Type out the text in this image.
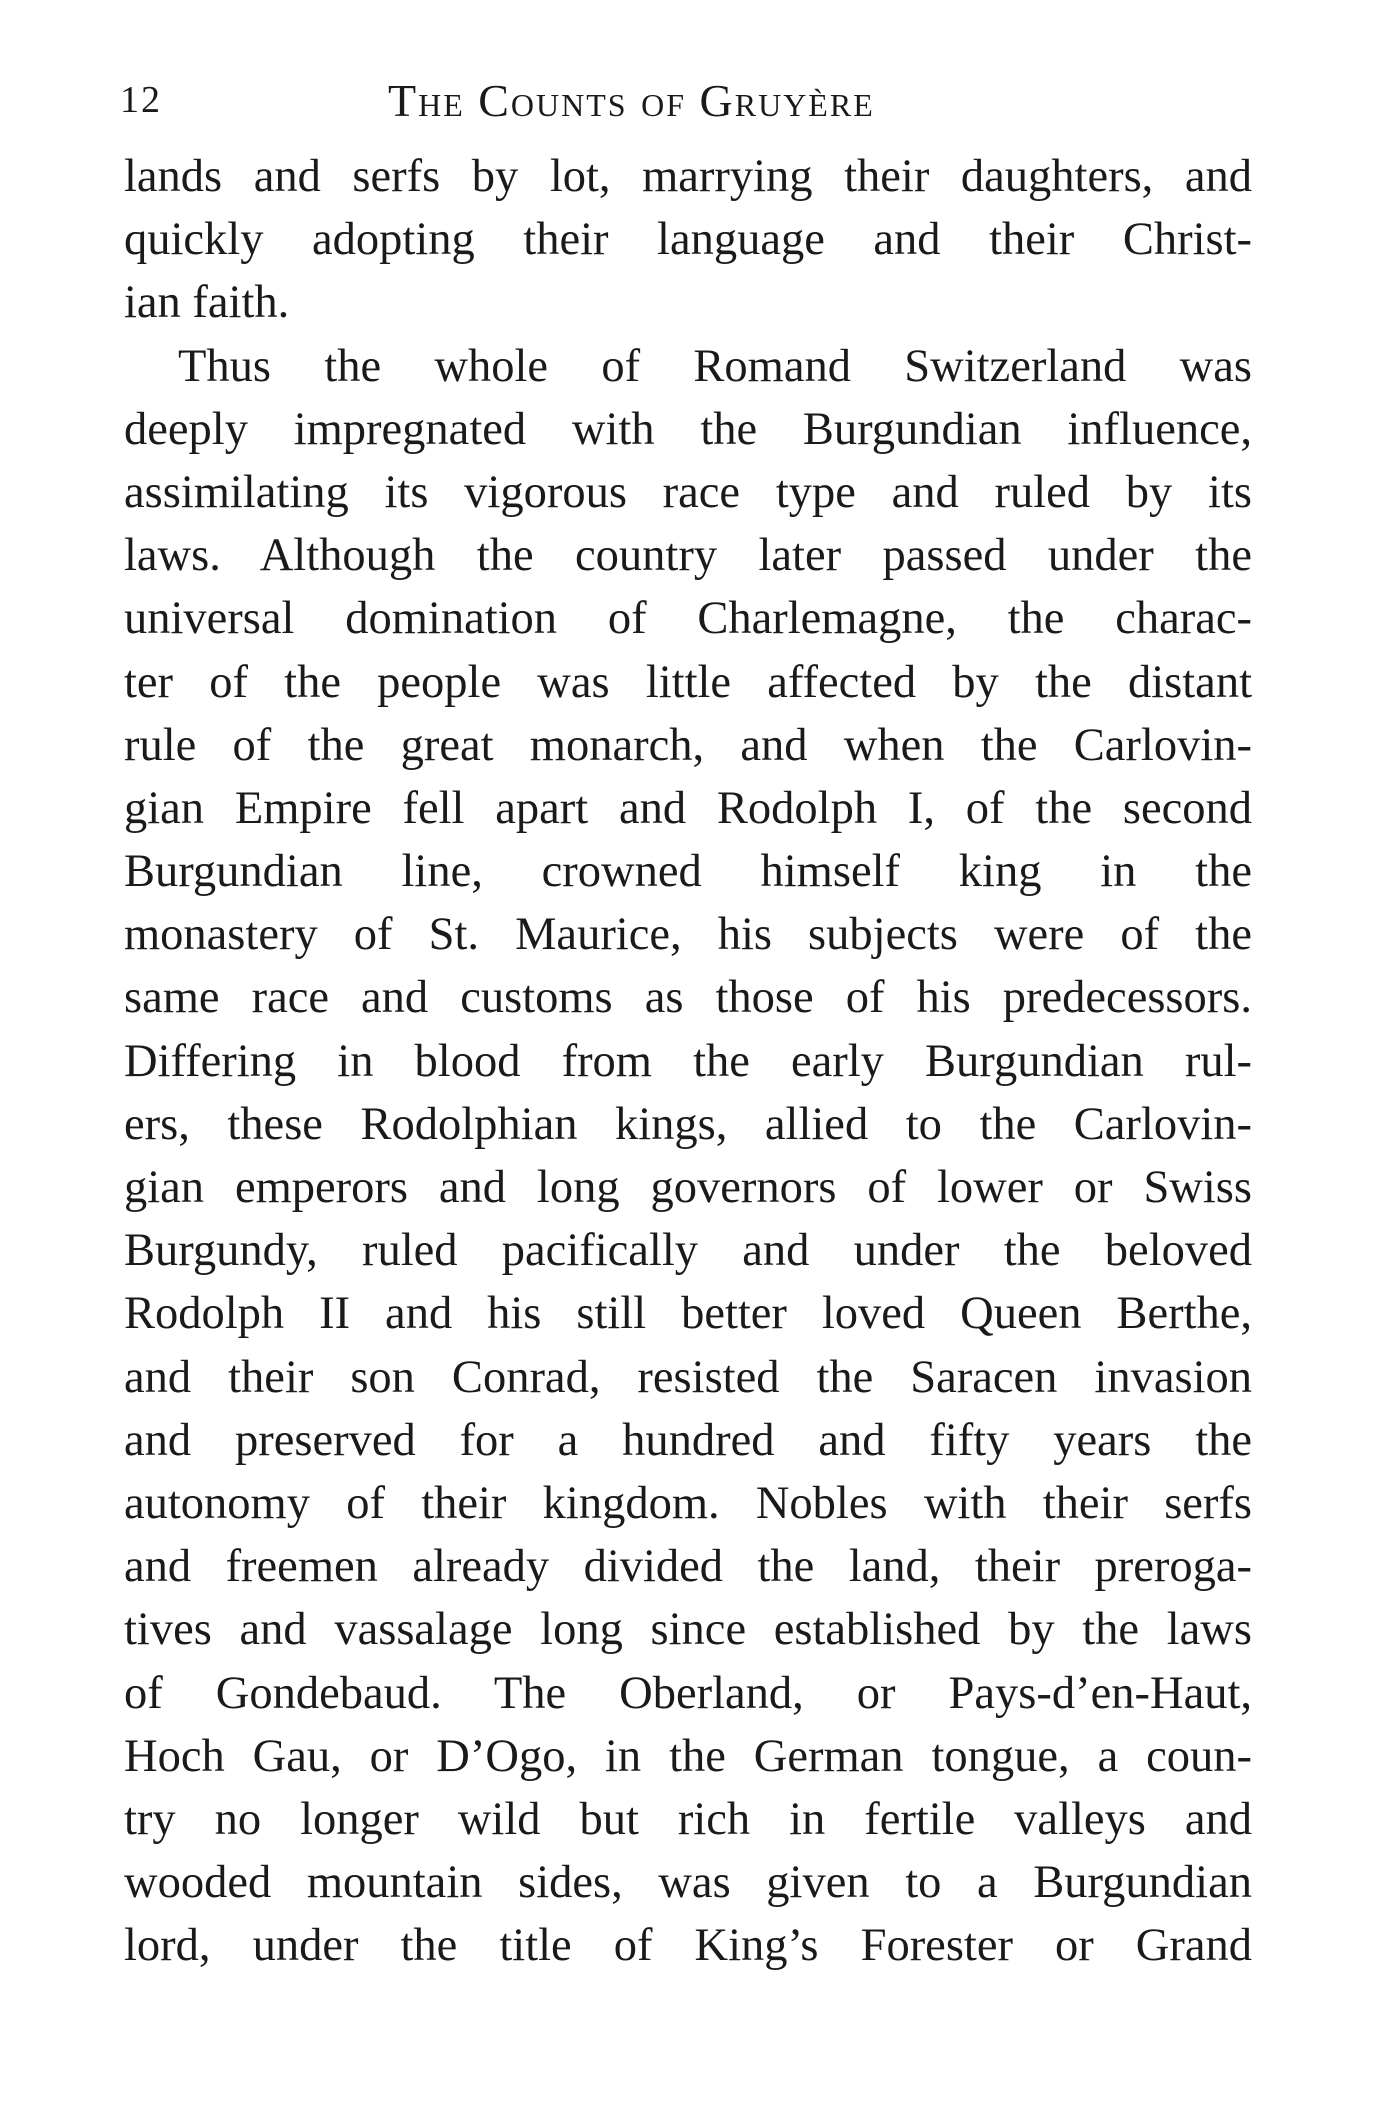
12	The Counts of Gruyère
lands and serfs by lot, marrying their daughters, and
quickly adopting their language and their Christ-
ian faith.
Thus the whole of Romand Switzerland was
deeply impregnated with the Burgundian influence,
assimilating its vigorous race type and ruled by its
laws. Although the country later passed under the
universal domination of Charlemagne, the charac-
ter of the people was little affected by the distant
rule of the great monarch, and when the Carlovin-
gian Empire fell apart and Rodolph I, of the second
Burgundian line, crowned himself king in the
monastery of St. Maurice, his subjects were of the
same race and customs as those of his predecessors.
Differing in blood from the early Burgundian rul-
ers, these Rodolphian kings, allied to the Carlovin-
gian emperors and long governors of lower or Swiss
Burgundy, ruled pacifically and under the beloved
Rodolph II and his still better loved Queen Berthe,
and their son Conrad, resisted the Saracen invasion
and preserved for a hundred and fifty years the
autonomy of their kingdom. Nobles with their serfs
and freemen already divided the land, their preroga-
tives and vassalage long since established by the laws
of Gondebaud. The Oberland, or Pays-d’en-Haut,
Hoch Gau, or D’Ogo, in the German tongue, a coun-
try no longer wild but rich in fertile valleys and
wooded mountain sides, was given to a Burgundian
lord, under the title of King’s Forester or Grand
